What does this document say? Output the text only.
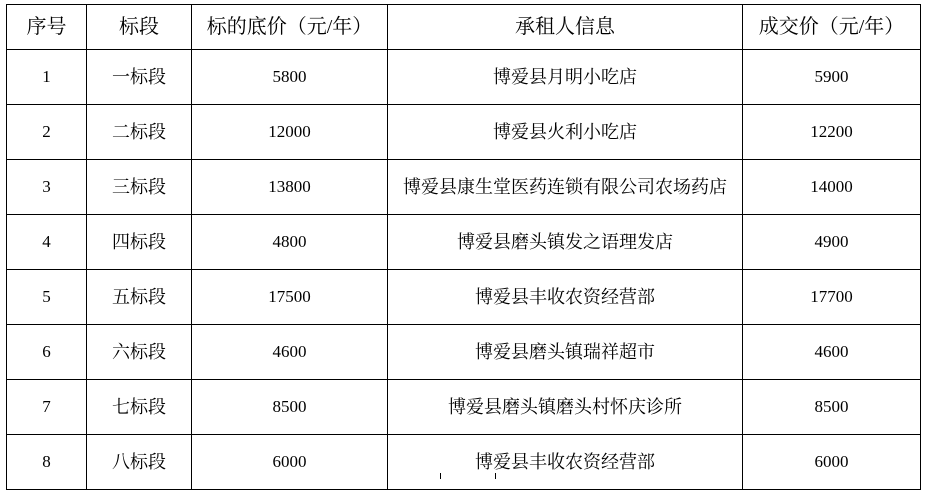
序号	标段	标的底价（元/年）	承租人信息	成交价（元/年）
1	一标段	5800	博爱县月明小吃店	5900
2	二标段	12000	博爱县火利小吃店	12200
3	三标段	13800	博爱县康生堂医药连锁有限公司农场药店	14000
4	四标段	4800	博爱县磨头镇发之语理发店	4900
5	五标段	17500	博爱县丰收农资经营部	17700
6	六标段	4600	博爱县磨头镇瑞祥超市	4600
7	七标段	8500	博爱县磨头镇磨头村怀庆诊所	8500
8	八标段	6000	博爱县丰收农资经营部	6000
